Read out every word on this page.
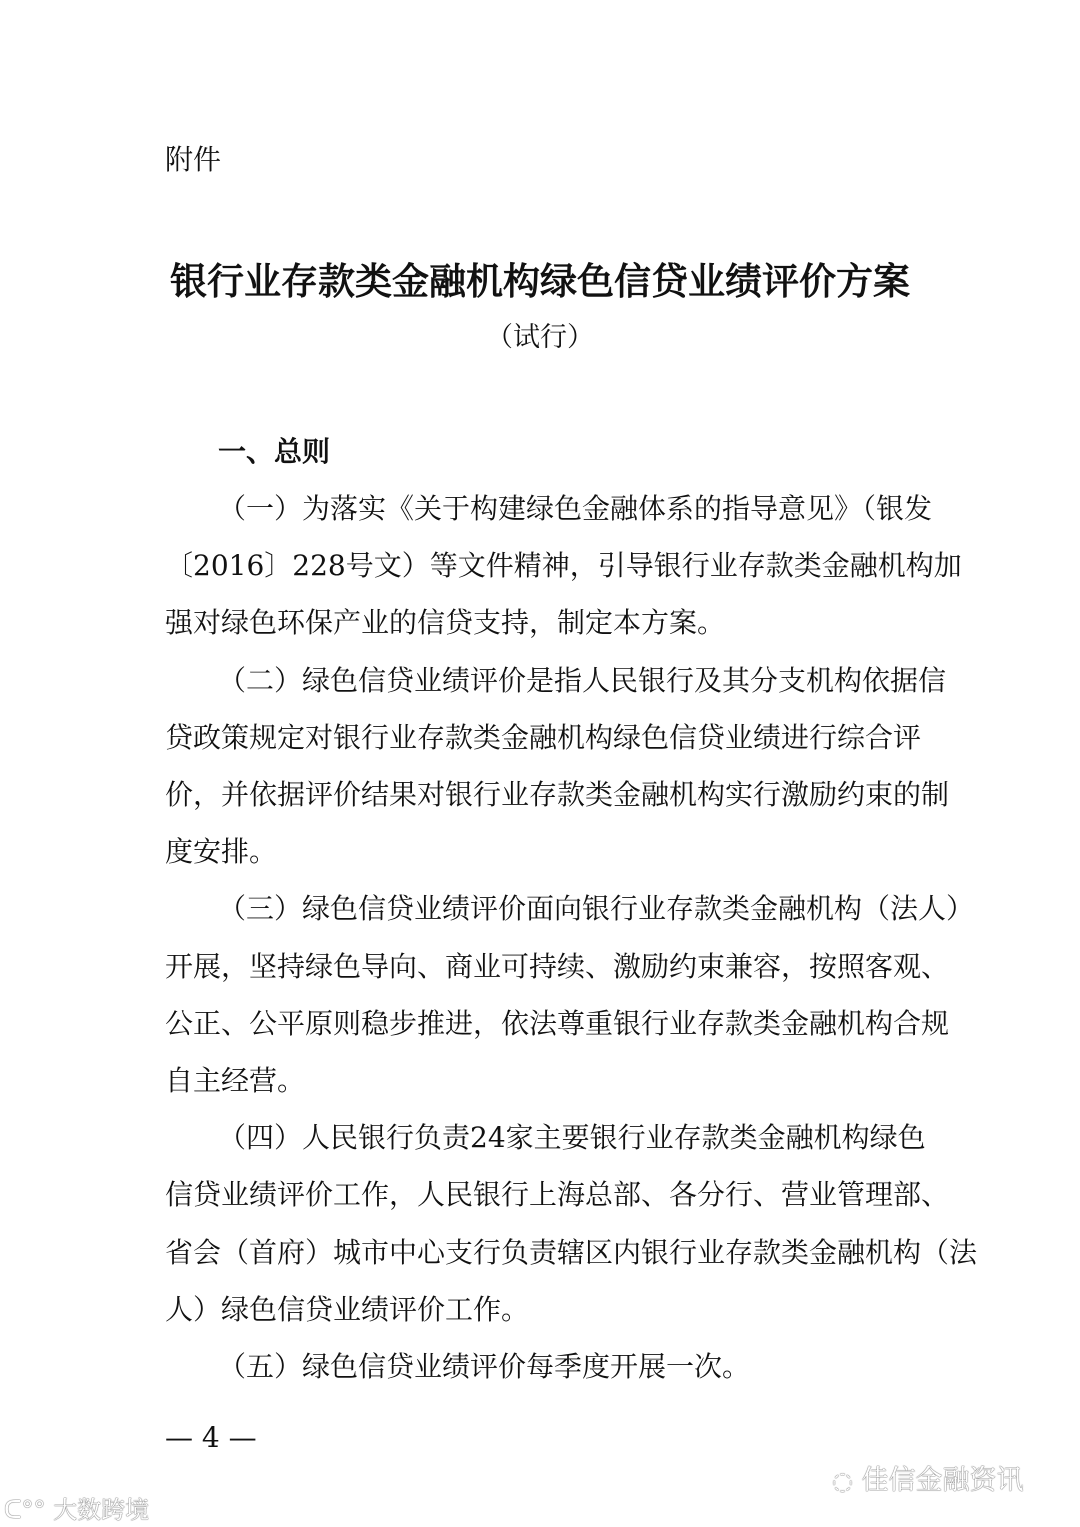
附件
银行业存款类金融机构绿色信贷业绩评价方案
（试行）
一、总则
（一）为落实《关于构建绿色金融体系的指导意见》（银发
〔2016〕228号文）等文件精神，引导银行业存款类金融机构加
强对绿色环保产业的信贷支持，制定本方案。
（二）绿色信贷业绩评价是指人民银行及其分支机构依据信
贷政策规定对银行业存款类金融机构绿色信贷业绩进行综合评
价，并依据评价结果对银行业存款类金融机构实行激励约束的制
度安排。
（三）绿色信贷业绩评价面向银行业存款类金融机构（法人）
开展，坚持绿色导向、商业可持续、激励约束兼容，按照客观、
公正、公平原则稳步推进，依法尊重银行业存款类金融机构合规
自主经营。
（四）人民银行负责24家主要银行业存款类金融机构绿色
信贷业绩评价工作，人民银行上海总部、各分行、营业管理部、
省会（首府）城市中心支行负责辖区内银行业存款类金融机构（法
人）绿色信贷业绩评价工作。
（五）绿色信贷业绩评价每季度开展一次。
— 4 —
◌ 佳信金融资讯
ᑕ°° 大数跨境
